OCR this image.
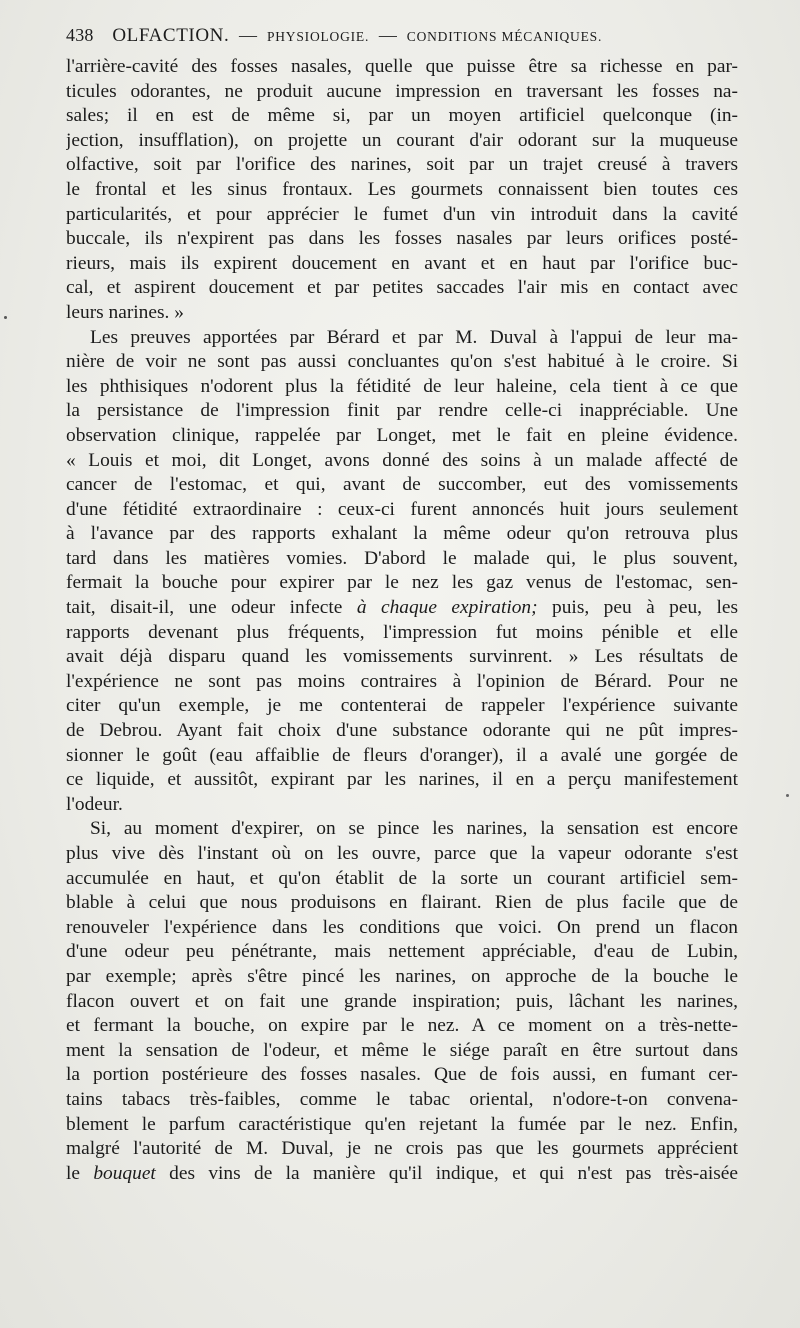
438 OLFACTION. — PHYSIOLOGIE. — CONDITIONS MÉCANIQUES.
l'arrière-cavité des fosses nasales, quelle que puisse être sa richesse en par-
ticules odorantes, ne produit aucune impression en traversant les fosses na-
sales; il en est de même si, par un moyen artificiel quelconque (in-
jection, insufflation), on projette un courant d'air odorant sur la muqueuse
olfactive, soit par l'orifice des narines, soit par un trajet creusé à travers
le frontal et les sinus frontaux. Les gourmets connaissent bien toutes ces
particularités, et pour apprécier le fumet d'un vin introduit dans la cavité
buccale, ils n'expirent pas dans les fosses nasales par leurs orifices posté-
rieurs, mais ils expirent doucement en avant et en haut par l'orifice buc-
cal, et aspirent doucement et par petites saccades l'air mis en contact avec
leurs narines. »
Les preuves apportées par Bérard et par M. Duval à l'appui de leur ma-
nière de voir ne sont pas aussi concluantes qu'on s'est habitué à le croire. Si
les phthisiques n'odorent plus la fétidité de leur haleine, cela tient à ce que
la persistance de l'impression finit par rendre celle-ci inappréciable. Une
observation clinique, rappelée par Longet, met le fait en pleine évidence.
« Louis et moi, dit Longet, avons donné des soins à un malade affecté de
cancer de l'estomac, et qui, avant de succomber, eut des vomissements
d'une fétidité extraordinaire : ceux-ci furent annoncés huit jours seulement
à l'avance par des rapports exhalant la même odeur qu'on retrouva plus
tard dans les matières vomies. D'abord le malade qui, le plus souvent,
fermait la bouche pour expirer par le nez les gaz venus de l'estomac, sen-
tait, disait-il, une odeur infecte à chaque expiration; puis, peu à peu, les
rapports devenant plus fréquents, l'impression fut moins pénible et elle
avait déjà disparu quand les vomissements survinrent. » Les résultats de
l'expérience ne sont pas moins contraires à l'opinion de Bérard. Pour ne
citer qu'un exemple, je me contenterai de rappeler l'expérience suivante
de Debrou. Ayant fait choix d'une substance odorante qui ne pût impres-
sionner le goût (eau affaiblie de fleurs d'oranger), il a avalé une gorgée de
ce liquide, et aussitôt, expirant par les narines, il en a perçu manifestement
l'odeur.
Si, au moment d'expirer, on se pince les narines, la sensation est encore
plus vive dès l'instant où on les ouvre, parce que la vapeur odorante s'est
accumulée en haut, et qu'on établit de la sorte un courant artificiel sem-
blable à celui que nous produisons en flairant. Rien de plus facile que de
renouveler l'expérience dans les conditions que voici. On prend un flacon
d'une odeur peu pénétrante, mais nettement appréciable, d'eau de Lubin,
par exemple; après s'être pincé les narines, on approche de la bouche le
flacon ouvert et on fait une grande inspiration; puis, lâchant les narines,
et fermant la bouche, on expire par le nez. A ce moment on a très-nette-
ment la sensation de l'odeur, et même le siége paraît en être surtout dans
la portion postérieure des fosses nasales. Que de fois aussi, en fumant cer-
tains tabacs très-faibles, comme le tabac oriental, n'odore-t-on convena-
blement le parfum caractéristique qu'en rejetant la fumée par le nez. Enfin,
malgré l'autorité de M. Duval, je ne crois pas que les gourmets apprécient
le bouquet des vins de la manière qu'il indique, et qui n'est pas très-aisée
